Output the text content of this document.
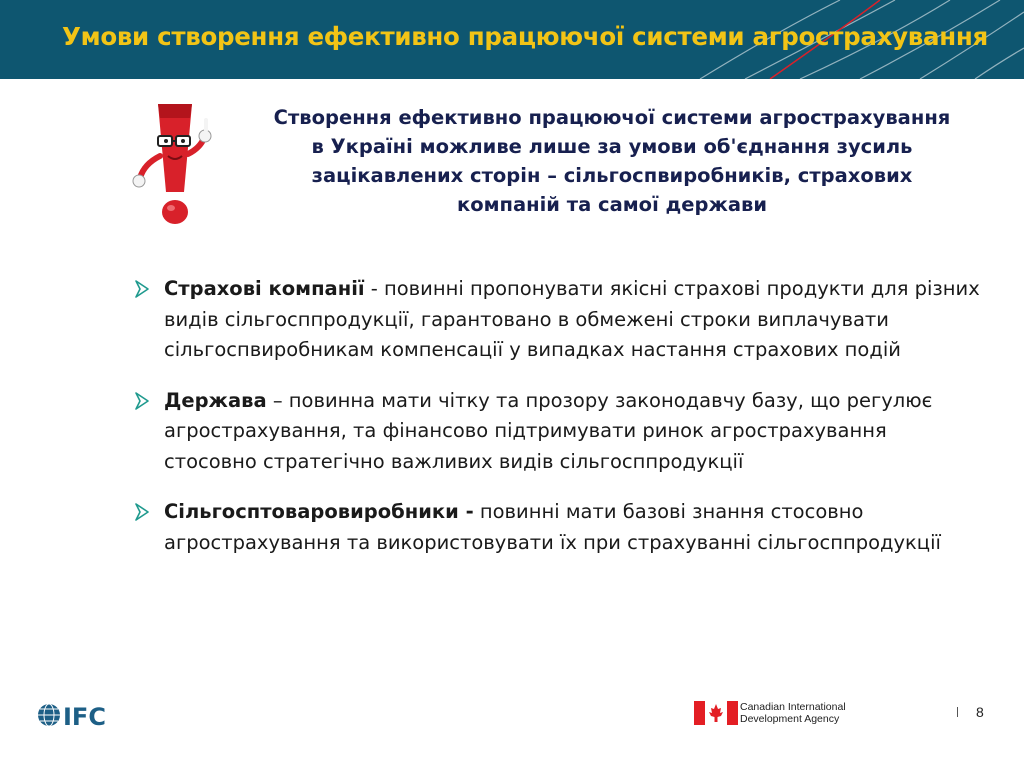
Умови створення ефективно працюючої системи агрострахування
Створення ефективно працюючої системи агрострахування
в Україні можливе лише за умови об'єднання зусиль
зацікавлених сторін – сільгоспвиробників, страхових
компаній та самої держави
Страхові компанії - повинні пропонувати якісні страхові продукти для різних видів сільгосппродукції, гарантовано в обмежені строки виплачувати сільгоспвиробникам компенсації у випадках настання страхових подій
Держава – повинна мати чітку та прозору законодавчу базу, що регулює агрострахування, та фінансово підтримувати ринок агрострахування стосовно стратегічно важливих видів сільгосппродукції
Сільгосптоваровиробники - повинні мати базові знання стосовно агрострахування та використовувати їх при страхуванні сільгосппродукції
IFC	Canadian International
Development Agency	8
